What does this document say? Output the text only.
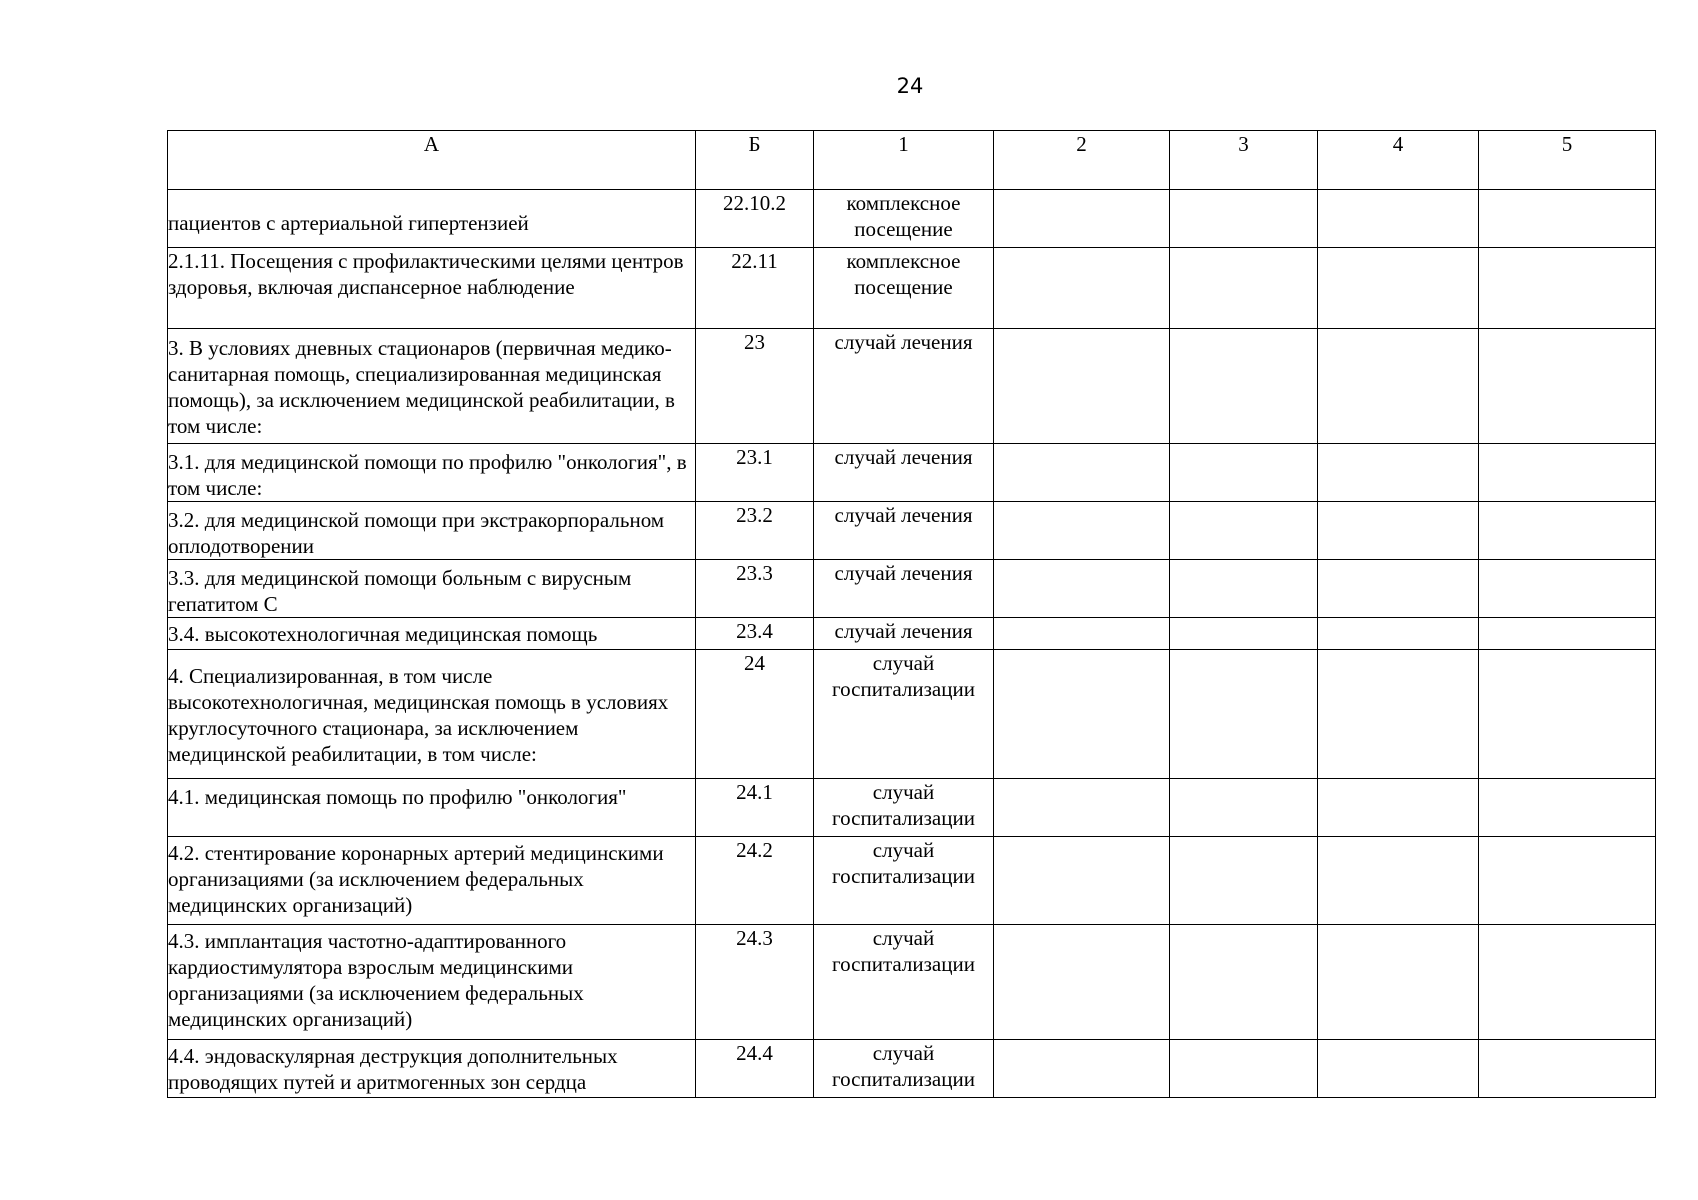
24
А	Б	1	2	3	4	5
пациентов с артериальной гипертензией	22.10.2	комплексное посещение				
2.1.11. Посещения с профилактическими целями центров здоровья, включая диспансерное наблюдение	22.11	комплексное посещение				
3. В условиях дневных стационаров (первичная медико-санитарная помощь, специализированная медицинская помощь), за исключением медицинской реабилитации, в том числе:	23	случай лечения				
3.1. для медицинской помощи по профилю "онкология", в том числе:	23.1	случай лечения				
3.2. для медицинской помощи при экстракорпоральном оплодотворении	23.2	случай лечения				
3.3. для медицинской помощи больным с вирусным гепатитом С	23.3	случай лечения				
3.4. высокотехнологичная медицинская помощь	23.4	случай лечения				
4. Специализированная, в том числе высокотехнологичная, медицинская помощь в условиях круглосуточного стационара, за исключением медицинской реабилитации, в том числе:	24	случай госпитализации				
4.1. медицинская помощь по профилю "онкология"	24.1	случай госпитализации				
4.2. стентирование коронарных артерий медицинскими организациями (за исключением федеральных медицинских организаций)	24.2	случай госпитализации				
4.3. имплантация частотно-адаптированного кардиостимулятора взрослым медицинскими организациями (за исключением федеральных медицинских организаций)	24.3	случай госпитализации				
4.4. эндоваскулярная деструкция дополнительных проводящих путей и аритмогенных зон сердца	24.4	случай госпитализации				
